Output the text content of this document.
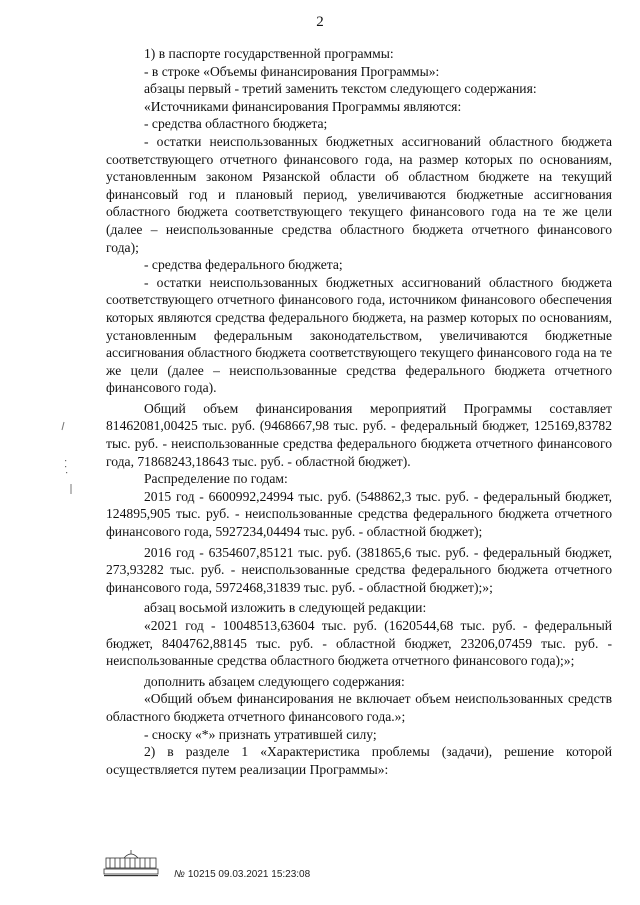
2

1) в паспорте государственной программы:

- в строке «Объемы финансирования Программы»:

абзацы первый - третий заменить текстом следующего содержания:

«Источниками финансирования Программы являются:

- средства областного бюджета;

- остатки неиспользованных бюджетных ассигнований областного бюджета соответствующего отчетного финансового года, на размер которых по основаниям, установленным законом Рязанской области об областном бюджете на текущий финансовый год и плановый период, увеличиваются бюджетные ассигнования областного бюджета соответствующего текущего финансового года на те же цели (далее – неиспользованные средства областного бюджета отчетного финансового года);

- средства федерального бюджета;

- остатки неиспользованных бюджетных ассигнований областного бюджета соответствующего отчетного финансового года, источником финансового обеспечения которых являются средства федерального бюджета, на размер которых по основаниям, установленным федеральным законодательством, увеличиваются бюджетные ассигнования областного бюджета соответствующего текущего финансового года на те же цели (далее – неиспользованные средства федерального бюджета отчетного финансового года).

Общий объем финансирования мероприятий Программы составляет 81462081,00425 тыс. руб. (9468667,98 тыс. руб. - федеральный бюджет, 125169,83782 тыс. руб. - неиспользованные средства федерального бюджета отчетного финансового года, 71868243,18643 тыс. руб. - областной бюджет).

Распределение по годам:

2015 год - 6600992,24994 тыс. руб. (548862,3 тыс. руб. - федеральный бюджет, 124895,905 тыс. руб. - неиспользованные средства федерального бюджета отчетного финансового года, 5927234,04494 тыс. руб. - областной бюджет);

2016 год - 6354607,85121 тыс. руб. (381865,6 тыс. руб. - федеральный бюджет, 273,93282 тыс. руб. - неиспользованные средства федерального бюджета отчетного финансового года, 5972468,31839 тыс. руб. - областной бюджет);»;

абзац восьмой изложить в следующей редакции:

«2021 год - 10048513,63604 тыс. руб. (1620544,68 тыс. руб. - федеральный бюджет, 8404762,88145 тыс. руб. - областной бюджет, 23206,07459 тыс. руб. - неиспользованные средства областного бюджета отчетного финансового года);»;

дополнить абзацем следующего содержания:

«Общий объем финансирования не включает объем неиспользованных средств областного бюджета отчетного финансового года.»;

- сноску «*» признать утратившей силу;

2) в разделе 1 «Характеристика проблемы (задачи), решение которой осуществляется путем реализации Программы»:

№ 10215 09.03.2021 15:23:08
